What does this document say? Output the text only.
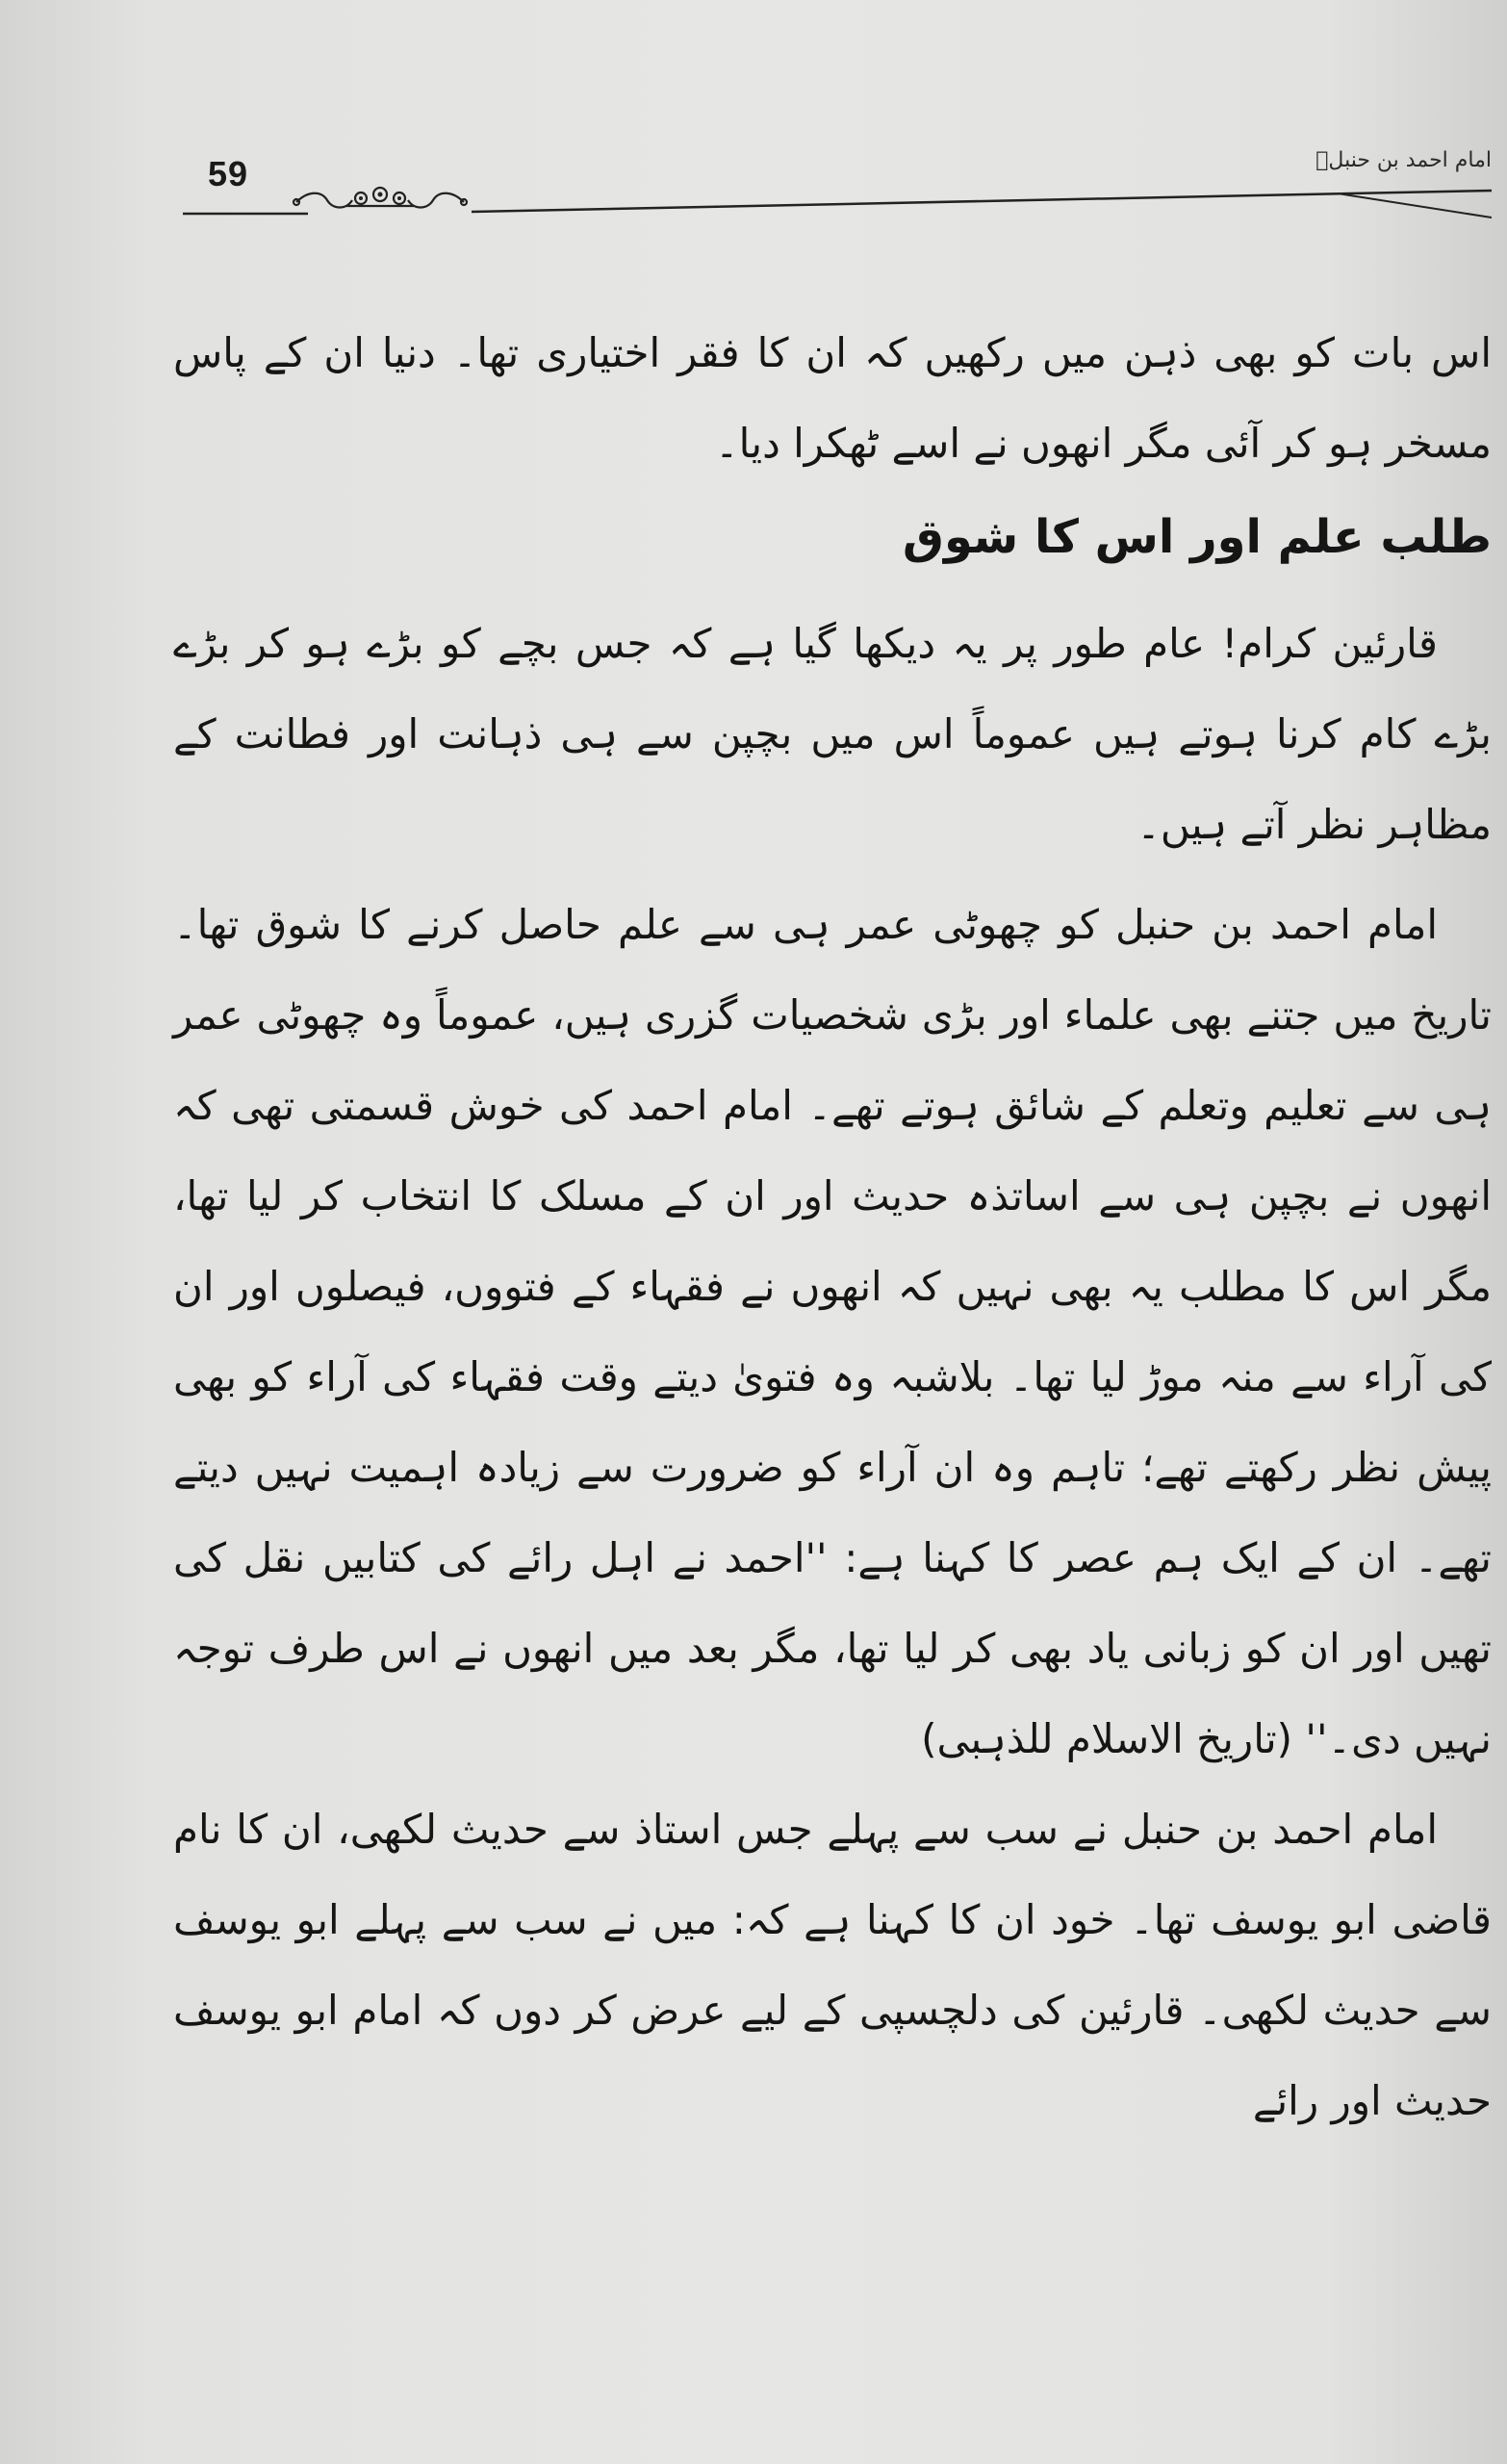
59	امام احمد بن حنبلؒ

اس بات کو بھی ذہن میں رکھیں کہ ان کا فقر اختیاری تھا۔ دنیا ان کے پاس مسخر ہو کر آئی مگر انھوں نے اسے ٹھکرا دیا۔

طلب علم اور اس کا شوق

قارئین کرام! عام طور پر یہ دیکھا گیا ہے کہ جس بچے کو بڑے ہو کر بڑے بڑے کام کرنا ہوتے ہیں عموماً اس میں بچپن سے ہی ذہانت اور فطانت کے مظاہر نظر آتے ہیں۔

امام احمد بن حنبل کو چھوٹی عمر ہی سے علم حاصل کرنے کا شوق تھا۔ تاریخ میں جتنے بھی علماء اور بڑی شخصیات گزری ہیں، عموماً وہ چھوٹی عمر ہی سے تعلیم وتعلم کے شائق ہوتے تھے۔ امام احمد کی خوش قسمتی تھی کہ انھوں نے بچپن ہی سے اساتذہ حدیث اور ان کے مسلک کا انتخاب کر لیا تھا، مگر اس کا مطلب یہ بھی نہیں کہ انھوں نے فقہاء کے فتووں، فیصلوں اور ان کی آراء سے منہ موڑ لیا تھا۔ بلاشبہ وہ فتویٰ دیتے وقت فقہاء کی آراء کو بھی پیش نظر رکھتے تھے؛ تاہم وہ ان آراء کو ضرورت سے زیادہ اہمیت نہیں دیتے تھے۔ ان کے ایک ہم عصر کا کہنا ہے: ''احمد نے اہل رائے کی کتابیں نقل کی تھیں اور ان کو زبانی یاد بھی کر لیا تھا، مگر بعد میں انھوں نے اس طرف توجہ نہیں دی۔'' (تاریخ الاسلام للذہبی)

امام احمد بن حنبل نے سب سے پہلے جس استاذ سے حدیث لکھی، ان کا نام قاضی ابو یوسف تھا۔ خود ان کا کہنا ہے کہ: میں نے سب سے پہلے ابو یوسف سے حدیث لکھی۔ قارئین کی دلچسپی کے لیے عرض کر دوں کہ امام ابو یوسف حدیث اور رائے
